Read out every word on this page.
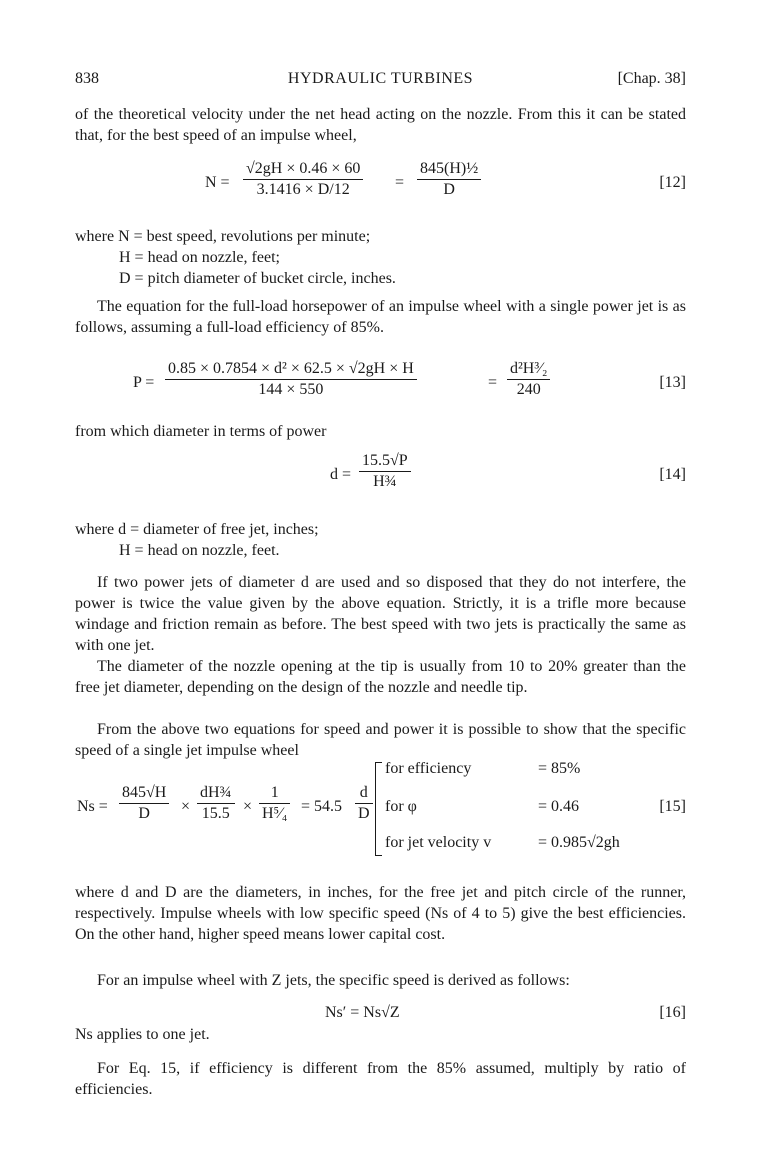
838	HYDRAULIC TURBINES	[Chap. 38]
of the theoretical velocity under the net head acting on the nozzle. From this it can be stated that, for the best speed of an impulse wheel,
$N = \frac{√2gH \times 0.46 \times 60}{3.1416 \times D/12} = \frac{\text{845(H)½}}{D}$	[12]
where N = best speed, revolutions per minute;
H = head on nozzle, feet;
D = pitch diameter of bucket circle, inches.
The equation for the full-load horsepower of an impulse wheel with a single power jet is as follows, assuming a full-load efficiency of 85%.
$P = \frac{\text{0.85 × 0.7854 × d² × 62.5 × √2gH × H}}{144 \times 550}$	= $\frac{\text{d²H³⁄₂}}{240}$	[13]
from which diameter in terms of power
$d = \frac{15.5√P}{\text{H¾}}$	[14]
where d = diameter of free jet, inches;
H = head on nozzle, feet.
If two power jets of diameter d are used and so disposed that they do not interfere, the power is twice the value given by the above equation. Strictly, it is a trifle more because windage and friction remain as before. The best speed with two jets is practically the same as with one jet.
The diameter of the nozzle opening at the tip is usually from 10 to 20% greater than the free jet diameter, depending on the design of the nozzle and needle tip.
From the above two equations for speed and power it is possible to show that the specific speed of a single jet impulse wheel
$Ns = \frac{845√H}{D} \times \frac{\text{dH¾}}{15.5} \times \frac{1}{\text{H⁵⁄₄}} = 54.5 \frac{d}{D}$
for efficiency	= 85%
for φ	= 0.46
for jet velocity v	= 0.985√2gh
[15]
where d and D are the diameters, in inches, for the free jet and pitch circle of the runner, respectively. Impulse wheels with low specific speed (Ns of 4 to 5) give the best efficiencies. On the other hand, higher speed means lower capital cost.
For an impulse wheel with Z jets, the specific speed is derived as follows:
Ns′ = Ns√Z	[16]
Ns applies to one jet.
For Eq. 15, if efficiency is different from the 85% assumed, multiply by ratio of efficiencies.
